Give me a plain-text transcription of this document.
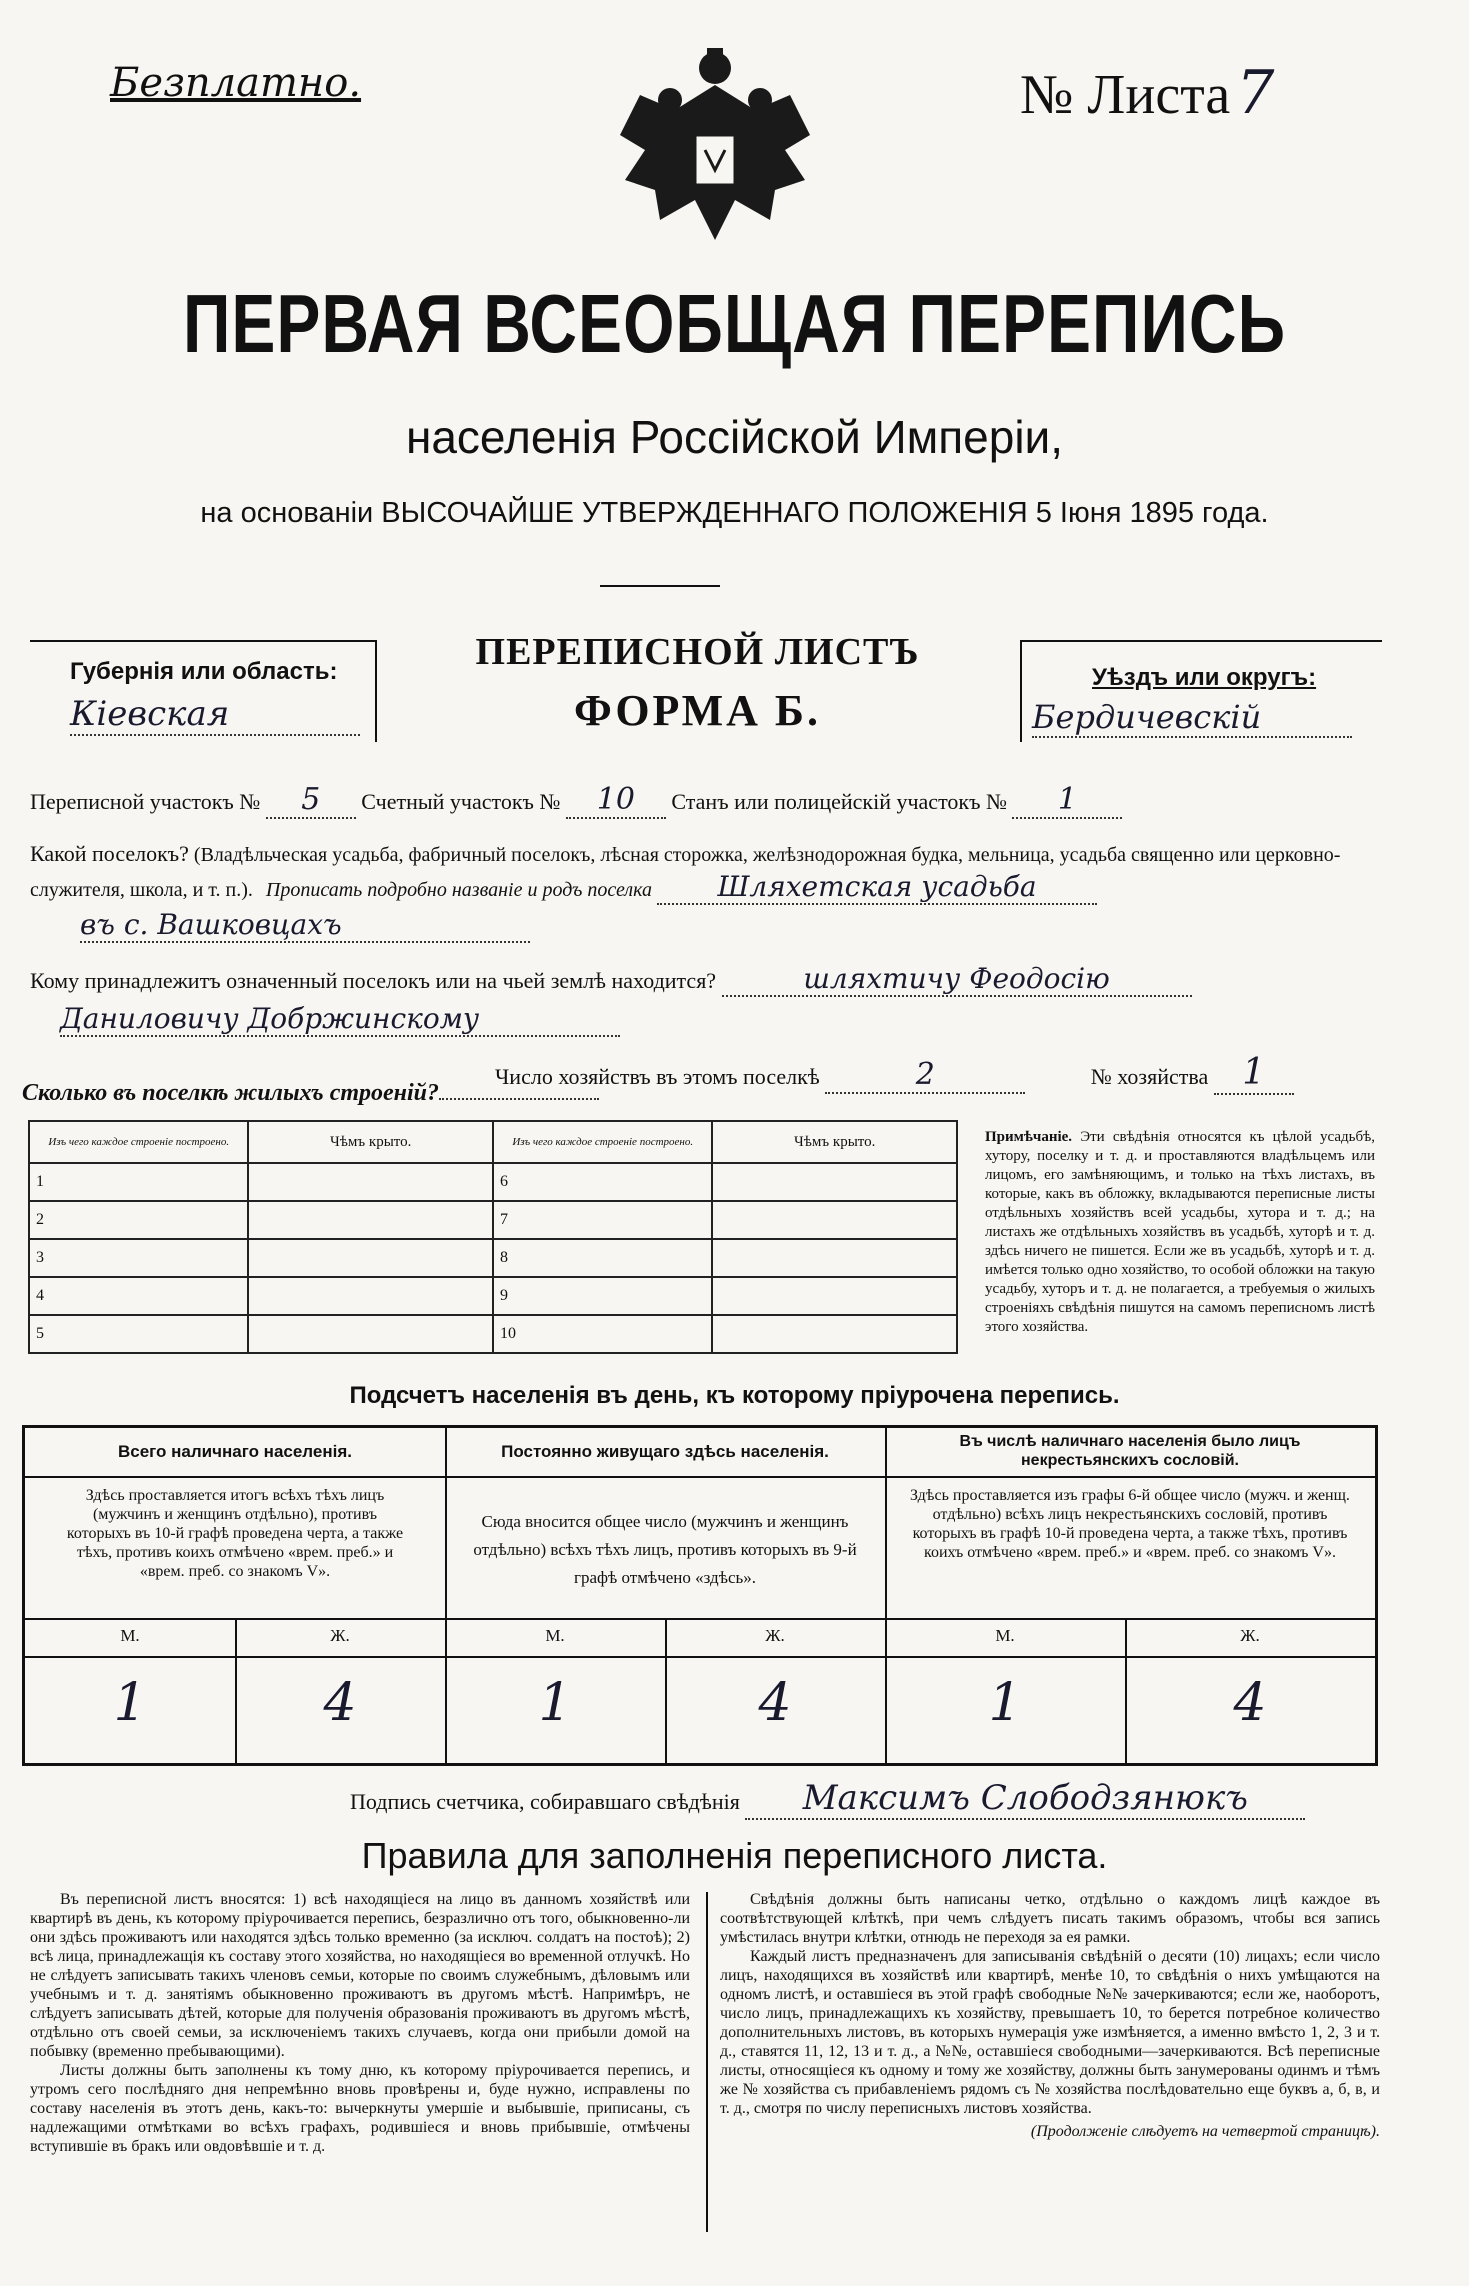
Безплатно.	№ Листа 7
ПЕРВАЯ ВСЕОБЩАЯ ПЕРЕПИСЬ
населенія Россійской Имперіи,
на основаніи ВЫСОЧАЙШЕ УТВЕРЖДЕННАГО ПОЛОЖЕНІЯ 5 Іюня 1895 года.
Губернія или область:
Кіевская
ПЕРЕПИСНОЙ ЛИСТЪ
ФОРМА Б.
Уѣздъ или округъ:
Бердичевскій
Переписной участокъ № 5 Счетный участокъ № 10 Станъ или полицейскій участокъ № 1
Какой поселокъ? (Владѣльческая усадьба, фабричный поселокъ, лѣсная сторожка, желѣзнодорожная будка, мельница, усадьба священно или церковно-служителя, школа, и т. п.). Прописать подробно названіе и родъ поселка Шляхетская усадьба
въ с. Вашковцахъ
Кому принадлежитъ означенный поселокъ или на чьей землѣ находится?	шляхтичу Феодосію
Даниловичу Добржинскому
Число хозяйствъ въ этомъ поселкѣ	2	№ хозяйства 1
Сколько въ поселкѣ жилыхъ строеній?
Изъ чего каждое строеніе построено.	Чѣмъ крыто.	Изъ чего каждое строеніе построено.	Чѣмъ крыто.
1		6	
2		7	
3		8	
4		9	
5		10	
Примѣчаніе. Эти свѣдѣнія относятся къ цѣлой усадьбѣ, хутору, поселку и т. д. и проставляются владѣльцемъ или лицомъ, его замѣняющимъ, и только на тѣхъ листахъ, въ которые, какъ въ обложку, вкладываются переписные листы отдѣльныхъ хозяйствъ всей усадьбы, хутора и т. д.; на листахъ же отдѣльныхъ хозяйствъ въ усадьбѣ, хуторѣ и т. д. здѣсь ничего не пишется. Если же въ усадьбѣ, хуторѣ и т. д. имѣется только одно хозяйство, то особой обложки на такую усадьбу, хуторъ и т. д. не полагается, а требуемыя о жилыхъ строеніяхъ свѣдѣнія пишутся на самомъ переписномъ листѣ этого хозяйства.
Подсчетъ населенія въ день, къ которому пріурочена перепись.
Всего наличнаго населенія.	Постоянно живущаго здѣсь населенія.
Въ числѣ наличнаго населенія было лицъ некрестьянскихъ сословій.
Здѣсь проставляется итогъ всѣхъ тѣхъ лицъ (мужчинъ и женщинъ отдѣльно), противъ которыхъ въ 10-й графѣ проведена черта, а также тѣхъ, противъ коихъ отмѣчено «врем. преб.» и «врем. преб. со знакомъ V».
Сюда вносится общее число (мужчинъ и женщинъ отдѣльно) всѣхъ тѣхъ лицъ, противъ которыхъ въ 9-й графѣ отмѣчено «здѣсь».
Здѣсь проставляется изъ графы 6-й общее число (мужч. и женщ. отдѣльно) всѣхъ лицъ некрестьянскихъ сословій, противъ которыхъ въ графѣ 10-й проведена черта, а также тѣхъ, противъ коихъ отмѣчено «врем. преб.» и «врем. преб. со знакомъ V».
М.	Ж.	М.	Ж.	М.	Ж.
1	4	1	4	1	4
Подпись счетчика, собиравшаго свѣдѣнія Максимъ Слободзянюкъ
Правила для заполненія переписного листа.

Въ переписной листъ вносятся: 1) всѣ находящіеся на лицо въ данномъ хозяйствѣ или квартирѣ въ день, къ которому пріурочивается перепись, безразлично отъ того, обыкновенно-ли они здѣсь проживаютъ или находятся здѣсь только временно (за исключ. солдатъ на постоѣ); 2) всѣ лица, принадлежащія къ составу этого хозяйства, но находящіеся во временной отлучкѣ. Но не слѣдуетъ записывать такихъ членовъ семьи, которые по своимъ служебнымъ, дѣловымъ или учебнымъ и т. д. занятіямъ обыкновенно проживаютъ въ другомъ мѣстѣ. Напримѣръ, не слѣдуетъ записывать дѣтей, которые для полученія образованія проживаютъ въ другомъ мѣстѣ, отдѣльно отъ своей семьи, за исключеніемъ такихъ случаевъ, когда они прибыли домой на побывку (временно пребывающими).

Листы должны быть заполнены къ тому дню, къ которому пріурочивается перепись, и утромъ сего послѣдняго дня непремѣнно вновь провѣрены и, буде нужно, исправлены по составу населенія въ этотъ день, какъ-то: вычеркнуты умершіе и выбывшіе, приписаны, съ надлежащими отмѣтками во всѣхъ графахъ, родившіеся и вновь прибывшіе, отмѣчены вступившіе въ бракъ или овдовѣвшіе и т. д.

Свѣдѣнія должны быть написаны четко, отдѣльно о каждомъ лицѣ каждое въ соотвѣтствующей клѣткѣ, при чемъ слѣдуетъ писать такимъ образомъ, чтобы вся запись умѣстилась внутри клѣтки, отнюдь не переходя за ея рамки.

Каждый листъ предназначенъ для записыванія свѣдѣній о десяти (10) лицахъ; если число лицъ, находящихся въ хозяйствѣ или квартирѣ, менѣе 10, то свѣдѣнія о нихъ умѣщаются на одномъ листѣ, и оставшіеся въ этой графѣ свободные №№ зачеркиваются; если же, наоборотъ, число лицъ, принадлежащихъ къ хозяйству, превышаетъ 10, то берется потребное количество дополнительныхъ листовъ, въ которыхъ нумерація уже измѣняется, а именно вмѣсто 1, 2, 3 и т. д., ставятся 11, 12, 13 и т. д., а №№, оставшіеся свободными—зачеркиваются. Всѣ переписные листы, относящіеся къ одному и тому же хозяйству, должны быть занумерованы одинмъ и тѣмъ же № хозяйства съ прибавленіемъ рядомъ съ № хозяйства послѣдовательно еще буквъ а, б, в, и т. д., смотря по числу переписныхъ листовъ хозяйства.

(Продолженіе слѣдуетъ на четвертой страницѣ).
